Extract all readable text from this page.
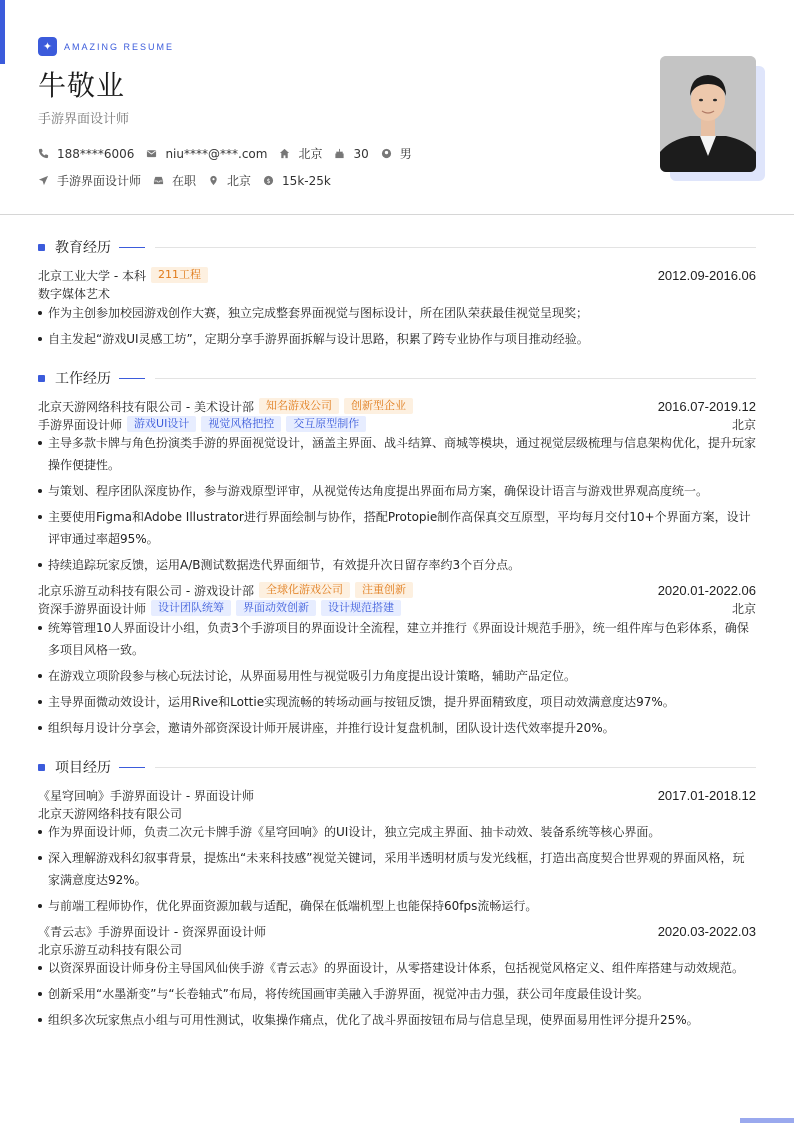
✦	AMAZING RESUME
牛敬业
手游界面设计师
188****6006	niu****@***.com	北京	30	男
手游界面设计师	在职	北京 $ 15k-25k
教育经历
北京工业大学 - 本科	211工程	2012.09-2016.06
数字媒体艺术
作为主创参加校园游戏创作大赛，独立完成整套界面视觉与图标设计，所在团队荣获最佳视觉呈现奖；
自主发起“游戏UI灵感工坊”，定期分享手游界面拆解与设计思路，积累了跨专业协作与项目推动经验。
工作经历
北京天游网络科技有限公司 - 美术设计部	知名游戏公司	创新型企业	2016.07-2019.12
手游界面设计师	游戏UI设计	视觉风格把控	交互原型制作	北京
主导多款卡牌与角色扮演类手游的界面视觉设计，涵盖主界面、战斗结算、商城等模块，通过视觉层级梳理与信息架构优化，提升玩家操作便捷性。
与策划、程序团队深度协作，参与游戏原型评审，从视觉传达角度提出界面布局方案，确保设计语言与游戏世界观高度统一。
主要使用Figma和Adobe Illustrator进行界面绘制与协作，搭配Protopie制作高保真交互原型，平均每月交付10+个界面方案，设计评审通过率超95%。
持续追踪玩家反馈，运用A/B测试数据迭代界面细节，有效提升次日留存率约3个百分点。
北京乐游互动科技有限公司 - 游戏设计部	全球化游戏公司	注重创新	2020.01-2022.06
资深手游界面设计师	设计团队统筹	界面动效创新	设计规范搭建	北京
统筹管理10人界面设计小组，负责3个手游项目的界面设计全流程，建立并推行《界面设计规范手册》，统一组件库与色彩体系，确保多项目风格一致。
在游戏立项阶段参与核心玩法讨论，从界面易用性与视觉吸引力角度提出设计策略，辅助产品定位。
主导界面微动效设计，运用Rive和Lottie实现流畅的转场动画与按钮反馈，提升界面精致度，项目动效满意度达97%。
组织每月设计分享会，邀请外部资深设计师开展讲座，并推行设计复盘机制，团队设计迭代效率提升20%。
项目经历
《星穹回响》手游界面设计 - 界面设计师	2017.01-2018.12
北京天游网络科技有限公司
作为界面设计师，负责二次元卡牌手游《星穹回响》的UI设计，独立完成主界面、抽卡动效、装备系统等核心界面。
深入理解游戏科幻叙事背景，提炼出“未来科技感”视觉关键词，采用半透明材质与发光线框，打造出高度契合世界观的界面风格，玩家满意度达92%。
与前端工程师协作，优化界面资源加载与适配，确保在低端机型上也能保持60fps流畅运行。
《青云志》手游界面设计 - 资深界面设计师	2020.03-2022.03
北京乐游互动科技有限公司
以资深界面设计师身份主导国风仙侠手游《青云志》的界面设计，从零搭建设计体系，包括视觉风格定义、组件库搭建与动效规范。
创新采用“水墨渐变”与“长卷轴式”布局，将传统国画审美融入手游界面，视觉冲击力强，获公司年度最佳设计奖。
组织多次玩家焦点小组与可用性测试，收集操作痛点，优化了战斗界面按钮布局与信息呈现，使界面易用性评分提升25%。
